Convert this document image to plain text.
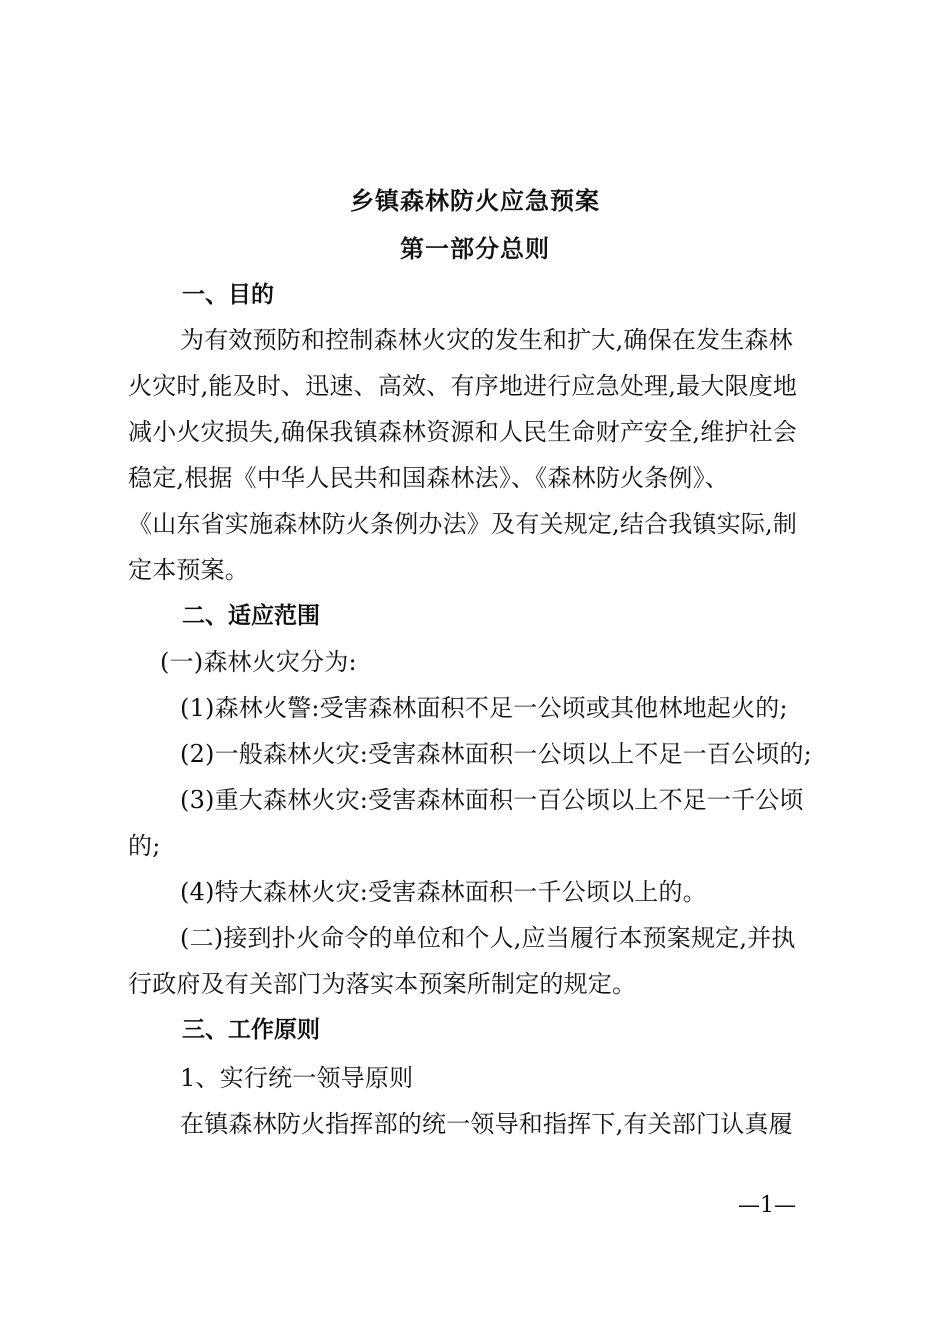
乡镇森林防火应急预案
第一部分总则
一、目的
为有效预防和控制森林火灾的发生和扩大,确保在发生森林
火灾时,能及时、迅速、高效、有序地进行应急处理,最大限度地
减小火灾损失,确保我镇森林资源和人民生命财产安全,维护社会
稳定,根据《中华人民共和国森林法》、《森林防火条例》、
《山东省实施森林防火条例办法》及有关规定,结合我镇实际,制
定本预案。
二、适应范围
(一)森林火灾分为:
(1)森林火警:受害森林面积不足一公顷或其他林地起火的;
(2)一般森林火灾:受害森林面积一公顷以上不足一百公顷的;
(3)重大森林火灾:受害森林面积一百公顷以上不足一千公顷
的;
(4)特大森林火灾:受害森林面积一千公顷以上的。
(二)接到扑火命令的单位和个人,应当履行本预案规定,并执
行政府及有关部门为落实本预案所制定的规定。
三、工作原则
1、实行统一领导原则
在镇森林防火指挥部的统一领导和指挥下,有关部门认真履
—1—
